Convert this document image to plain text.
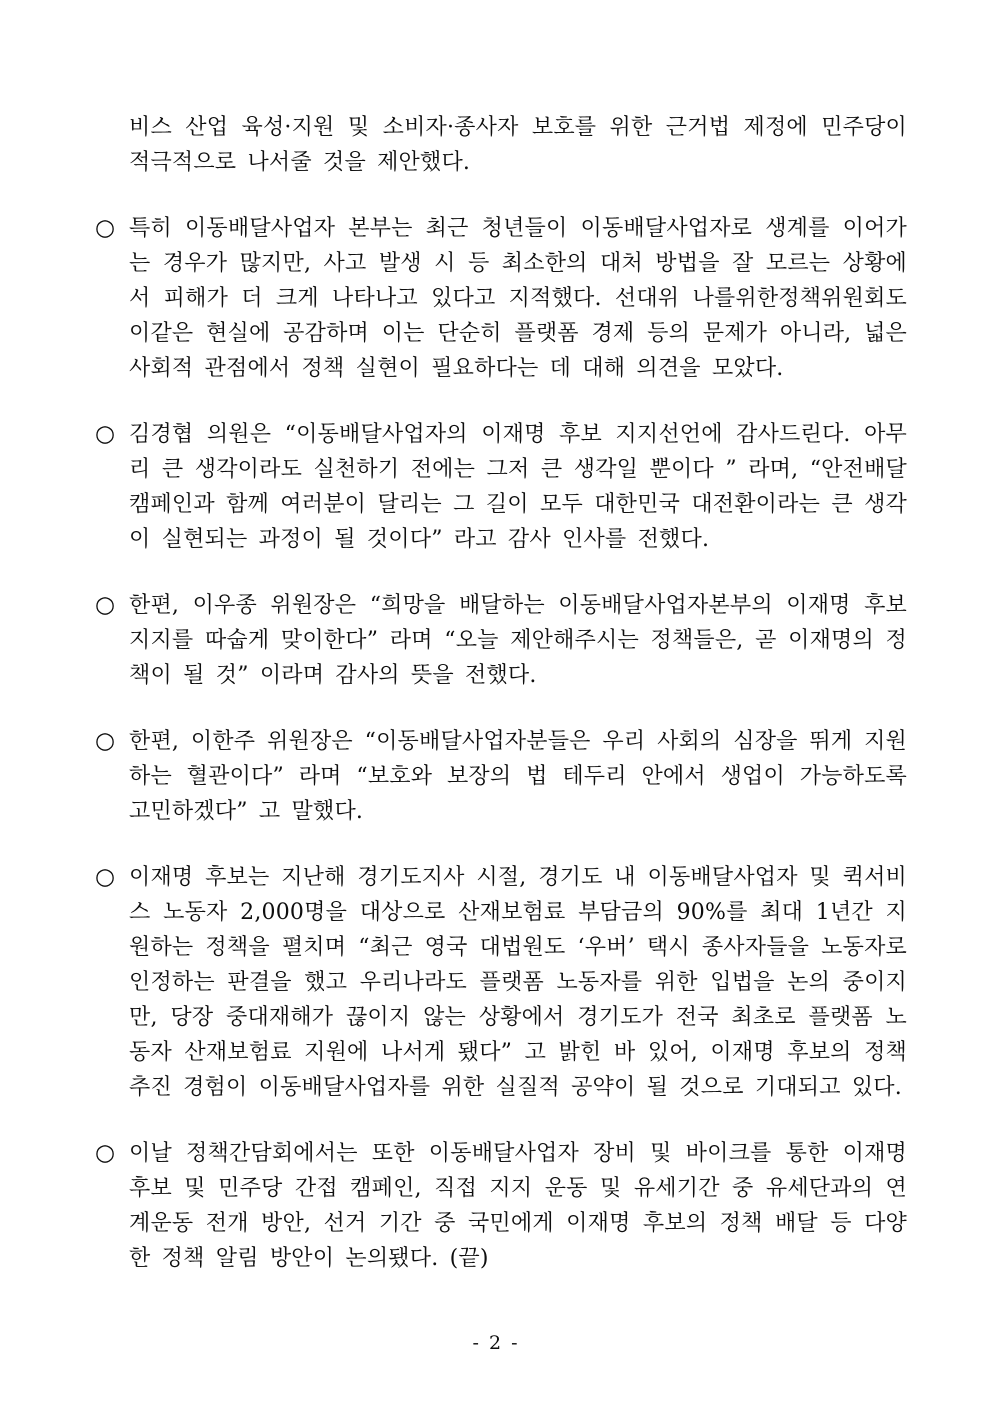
비스 산업 육성·지원 및 소비자·종사자 보호를 위한 근거법 제정에 민주당이 적극적으로 나서줄 것을 제안했다.

○ 특히 이동배달사업자 본부는 최근 청년들이 이동배달사업자로 생계를 이어가는 경우가 많지만, 사고 발생 시 등 최소한의 대처 방법을 잘 모르는 상황에서 피해가 더 크게 나타나고 있다고 지적했다. 선대위 나를위한정책위원회도 이같은 현실에 공감하며 이는 단순히 플랫폼 경제 등의 문제가 아니라, 넓은 사회적 관점에서 정책 실현이 필요하다는 데 대해 의견을 모았다.

○ 김경협 의원은 “이동배달사업자의 이재명 후보 지지선언에 감사드린다. 아무리 큰 생각이라도 실천하기 전에는 그저 큰 생각일 뿐이다 ” 라며, “안전배달 캠페인과 함께 여러분이 달리는 그 길이 모두 대한민국 대전환이라는 큰 생각이 실현되는 과정이 될 것이다” 라고 감사 인사를 전했다.

○ 한편, 이우종 위원장은 “희망을 배달하는 이동배달사업자본부의 이재명 후보 지지를 따숩게 맞이한다” 라며 “오늘 제안해주시는 정책들은, 곧 이재명의 정책이 될 것” 이라며 감사의 뜻을 전했다.

○ 한편, 이한주 위원장은 “이동배달사업자분들은 우리 사회의 심장을 뛰게 지원하는 혈관이다” 라며 “보호와 보장의 법 테두리 안에서 생업이 가능하도록 고민하겠다” 고 말했다.

○ 이재명 후보는 지난해 경기도지사 시절, 경기도 내 이동배달사업자 및 퀵서비스 노동자 2,000명을 대상으로 산재보험료 부담금의 90%를 최대 1년간 지원하는 정책을 펼치며 “최근 영국 대법원도 ‘우버’ 택시 종사자들을 노동자로 인정하는 판결을 했고 우리나라도 플랫폼 노동자를 위한 입법을 논의 중이지만, 당장 중대재해가 끊이지 않는 상황에서 경기도가 전국 최초로 플랫폼 노동자 산재보험료 지원에 나서게 됐다” 고 밝힌 바 있어, 이재명 후보의 정책 추진 경험이 이동배달사업자를 위한 실질적 공약이 될 것으로 기대되고 있다.

○ 이날 정책간담회에서는 또한 이동배달사업자 장비 및 바이크를 통한 이재명 후보 및 민주당 간접 캠페인, 직접 지지 운동 및 유세기간 중 유세단과의 연계운동 전개 방안, 선거 기간 중 국민에게 이재명 후보의 정책 배달 등 다양한 정책 알림 방안이 논의됐다. (끝)

- 2 -
